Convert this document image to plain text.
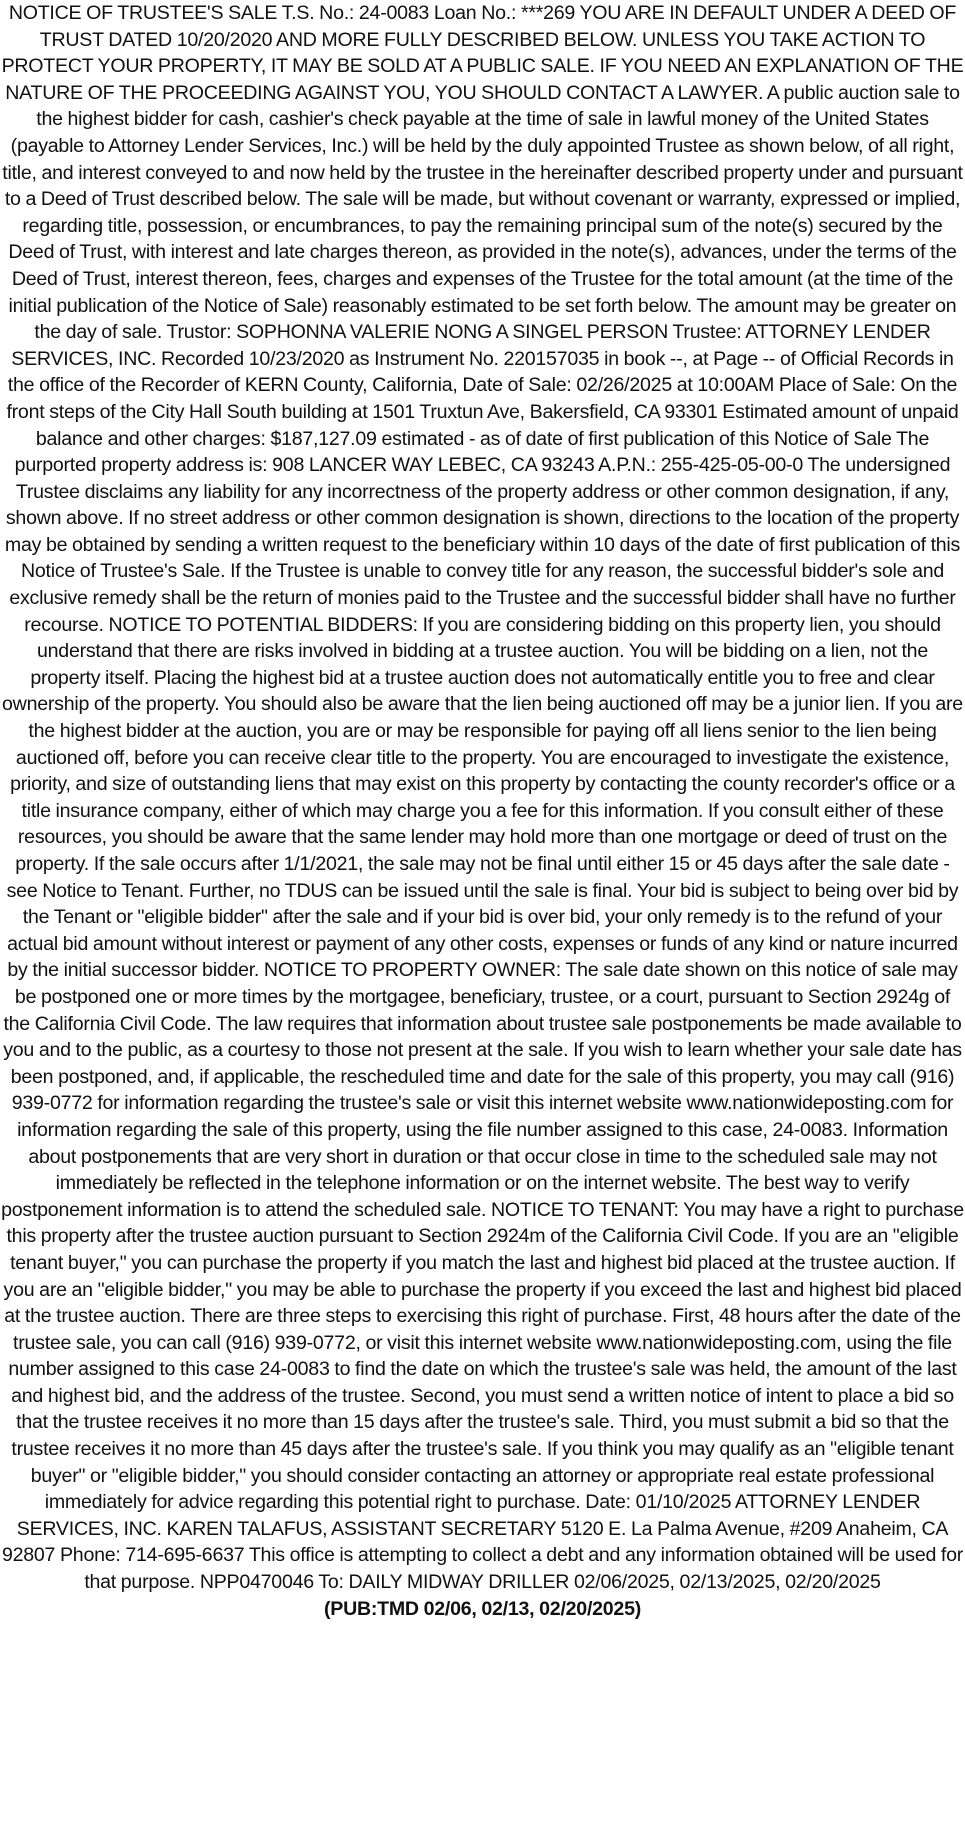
NOTICE OF TRUSTEE'S SALE T.S. No.: 24-0083 Loan No.: ***269 YOU ARE IN DEFAULT UNDER A DEED OF TRUST DATED 10/20/2020 AND MORE FULLY DESCRIBED BELOW. UNLESS YOU TAKE ACTION TO PROTECT YOUR PROPERTY, IT MAY BE SOLD AT A PUBLIC SALE. IF YOU NEED AN EXPLANATION OF THE NATURE OF THE PROCEEDING AGAINST YOU, YOU SHOULD CONTACT A LAWYER. A public auction sale to the highest bidder for cash, cashier's check payable at the time of sale in lawful money of the United States (payable to Attorney Lender Services, Inc.) will be held by the duly appointed Trustee as shown below, of all right, title, and interest conveyed to and now held by the trustee in the hereinafter described property under and pursuant to a Deed of Trust described below. The sale will be made, but without covenant or warranty, expressed or implied, regarding title, possession, or encumbrances, to pay the remaining principal sum of the note(s) secured by the Deed of Trust, with interest and late charges thereon, as provided in the note(s), advances, under the terms of the Deed of Trust, interest thereon, fees, charges and expenses of the Trustee for the total amount (at the time of the initial publication of the Notice of Sale) reasonably estimated to be set forth below. The amount may be greater on the day of sale. Trustor: SOPHONNA VALERIE NONG A SINGEL PERSON Trustee: ATTORNEY LENDER SERVICES, INC. Recorded 10/23/2020 as Instrument No. 220157035 in book --, at Page -- of Official Records in the office of the Recorder of KERN County, California, Date of Sale: 02/26/2025 at 10:00AM Place of Sale: On the front steps of the City Hall South building at 1501 Truxtun Ave, Bakersfield, CA 93301 Estimated amount of unpaid balance and other charges: $187,127.09 estimated - as of date of first publication of this Notice of Sale The purported property address is: 908 LANCER WAY LEBEC, CA 93243 A.P.N.: 255-425-05-00-0 The undersigned Trustee disclaims any liability for any incorrectness of the property address or other common designation, if any, shown above. If no street address or other common designation is shown, directions to the location of the property may be obtained by sending a written request to the beneficiary within 10 days of the date of first publication of this Notice of Trustee's Sale. If the Trustee is unable to convey title for any reason, the successful bidder's sole and exclusive remedy shall be the return of monies paid to the Trustee and the successful bidder shall have no further recourse. NOTICE TO POTENTIAL BIDDERS: If you are considering bidding on this property lien, you should understand that there are risks involved in bidding at a trustee auction. You will be bidding on a lien, not the property itself. Placing the highest bid at a trustee auction does not automatically entitle you to free and clear ownership of the property. You should also be aware that the lien being auctioned off may be a junior lien. If you are the highest bidder at the auction, you are or may be responsible for paying off all liens senior to the lien being auctioned off, before you can receive clear title to the property. You are encouraged to investigate the existence, priority, and size of outstanding liens that may exist on this property by contacting the county recorder's office or a title insurance company, either of which may charge you a fee for this information. If you consult either of these resources, you should be aware that the same lender may hold more than one mortgage or deed of trust on the property. If the sale occurs after 1/1/2021, the sale may not be final until either 15 or 45 days after the sale date - see Notice to Tenant. Further, no TDUS can be issued until the sale is final. Your bid is subject to being over bid by the Tenant or "eligible bidder" after the sale and if your bid is over bid, your only remedy is to the refund of your actual bid amount without interest or payment of any other costs, expenses or funds of any kind or nature incurred by the initial successor bidder. NOTICE TO PROPERTY OWNER: The sale date shown on this notice of sale may be postponed one or more times by the mortgagee, beneficiary, trustee, or a court, pursuant to Section 2924g of the California Civil Code. The law requires that information about trustee sale postponements be made available to you and to the public, as a courtesy to those not present at the sale. If you wish to learn whether your sale date has been postponed, and, if applicable, the rescheduled time and date for the sale of this property, you may call (916) 939-0772 for information regarding the trustee's sale or visit this internet website www.nationwideposting.com for information regarding the sale of this property, using the file number assigned to this case, 24-0083. Information about postponements that are very short in duration or that occur close in time to the scheduled sale may not immediately be reflected in the telephone information or on the internet website. The best way to verify postponement information is to attend the scheduled sale. NOTICE TO TENANT: You may have a right to purchase this property after the trustee auction pursuant to Section 2924m of the California Civil Code. If you are an "eligible tenant buyer," you can purchase the property if you match the last and highest bid placed at the trustee auction. If you are an "eligible bidder," you may be able to purchase the property if you exceed the last and highest bid placed at the trustee auction. There are three steps to exercising this right of purchase. First, 48 hours after the date of the trustee sale, you can call (916) 939-0772, or visit this internet website www.nationwideposting.com, using the file number assigned to this case 24-0083 to find the date on which the trustee's sale was held, the amount of the last and highest bid, and the address of the trustee. Second, you must send a written notice of intent to place a bid so that the trustee receives it no more than 15 days after the trustee's sale. Third, you must submit a bid so that the trustee receives it no more than 45 days after the trustee's sale. If you think you may qualify as an "eligible tenant buyer" or "eligible bidder," you should consider contacting an attorney or appropriate real estate professional immediately for advice regarding this potential right to purchase. Date: 01/10/2025 ATTORNEY LENDER SERVICES, INC. KAREN TALAFUS, ASSISTANT SECRETARY 5120 E. La Palma Avenue, #209 Anaheim, CA 92807 Phone: 714-695-6637 This office is attempting to collect a debt and any information obtained will be used for that purpose. NPP0470046 To: DAILY MIDWAY DRILLER 02/06/2025, 02/13/2025, 02/20/2025

(PUB:TMD 02/06, 02/13, 02/20/2025)
